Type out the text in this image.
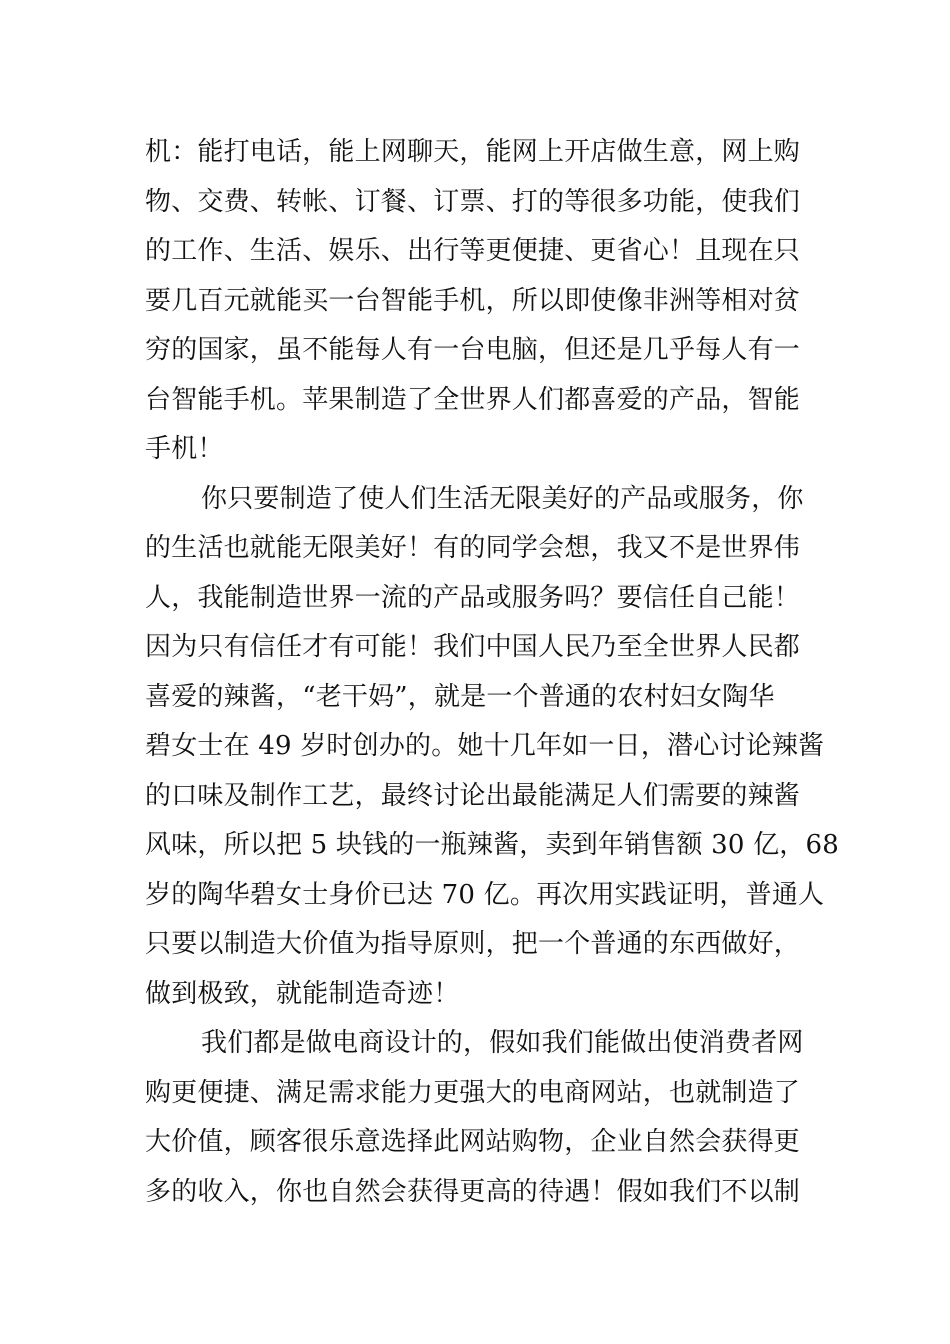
机：能打电话，能上网聊天，能网上开店做生意，网上购
物、交费、转帐、订餐、订票、打的等很多功能，使我们
的工作、生活、娱乐、出行等更便捷、更省心！且现在只
要几百元就能买一台智能手机，所以即使像非洲等相对贫
穷的国家，虽不能每人有一台电脑，但还是几乎每人有一
台智能手机。苹果制造了全世界人们都喜爱的产品，智能
手机！
你只要制造了使人们生活无限美好的产品或服务，你
的生活也就能无限美好！有的同学会想，我又不是世界伟
人，我能制造世界一流的产品或服务吗？要信任自己能！
因为只有信任才有可能！我们中国人民乃至全世界人民都
喜爱的辣酱，“老干妈”，就是一个普通的农村妇女陶华
碧女士在 49 岁时创办的。她十几年如一日，潜心讨论辣酱
的口味及制作工艺，最终讨论出最能满足人们需要的辣酱
风味，所以把 5 块钱的一瓶辣酱，卖到年销售额 30 亿，68
岁的陶华碧女士身价已达 70 亿。再次用实践证明，普通人
只要以制造大价值为指导原则，把一个普通的东西做好，
做到极致，就能制造奇迹！
我们都是做电商设计的，假如我们能做出使消费者网
购更便捷、满足需求能力更强大的电商网站，也就制造了
大价值，顾客很乐意选择此网站购物，企业自然会获得更
多的收入，你也自然会获得更高的待遇！假如我们不以制
